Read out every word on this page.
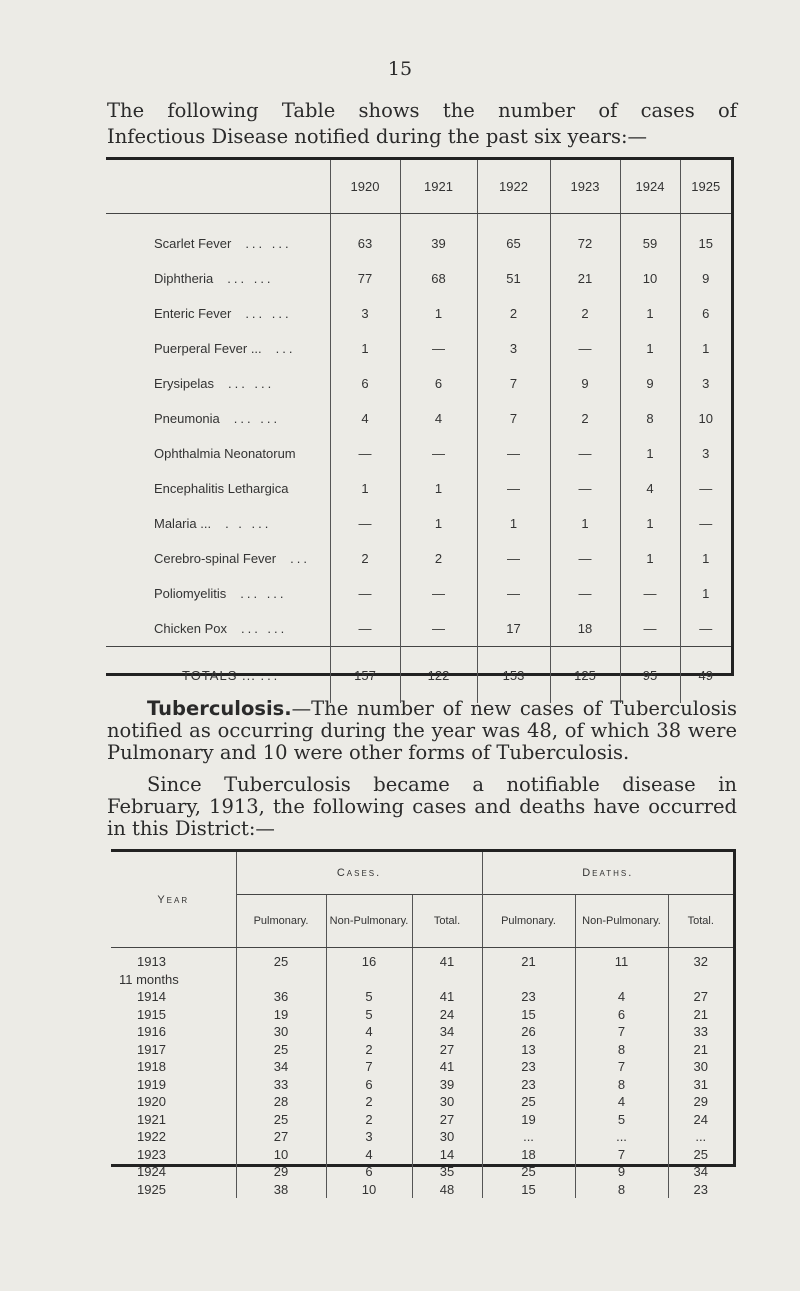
15
The following Table shows the number of cases of
Infectious Disease notified during the past six years:—
	1920	1921	1922	1923	1924	1925
Scarlet Fever ... ...	63	39	65	72	59	15
Diphtheria ... ...	77	68	51	21	10	9
Enteric Fever ... ...	3	1	2	2	1	6
Puerperal Fever ... ...	1	—	3	—	1	1
Erysipelas ... ...	6	6	7	9	9	3
Pneumonia ... ...	4	4	7	2	8	10
Ophthalmia Neonatorum	—	—	—	—	1	3
Encephalitis Lethargica	1	1	—	—	4	—
Malaria ... . . ...	—	1	1	1	1	—
Cerebro-spinal Fever ...	2	2	—	—	1	1
Poliomyelitis ... ...	—	—	—	—	—	1
Chicken Pox ... ...	—	—	17	18	—	—
TOTALS ... ...	157	122	153	125	95	49
Tuberculosis.—The number of new cases of Tuberculosis notified as occurring during the year was 48, of which 38 were Pulmonary and 10 were other forms of Tuberculosis.
Since Tuberculosis became a notifiable disease in February, 1913, the following cases and deaths have occurred in this District:—
Year	Cases.			Deaths.		
	Pulmonary.	Non-Pulmonary.	Total.	Pulmonary.	Non-Pulmonary.	Total.
1913	25	16	41	21	11	32
11 months						
1914	36	5	41	23	4	27
1915	19	5	24	15	6	21
1916	30	4	34	26	7	33
1917	25	2	27	13	8	21
1918	34	7	41	23	7	30
1919	33	6	39	23	8	31
1920	28	2	30	25	4	29
1921	25	2	27	19	5	24
1922	27	3	30	...	...	...
1923	10	4	14	18	7	25
1924	29	6	35	25	9	34
1925	38	10	48	15	8	23
